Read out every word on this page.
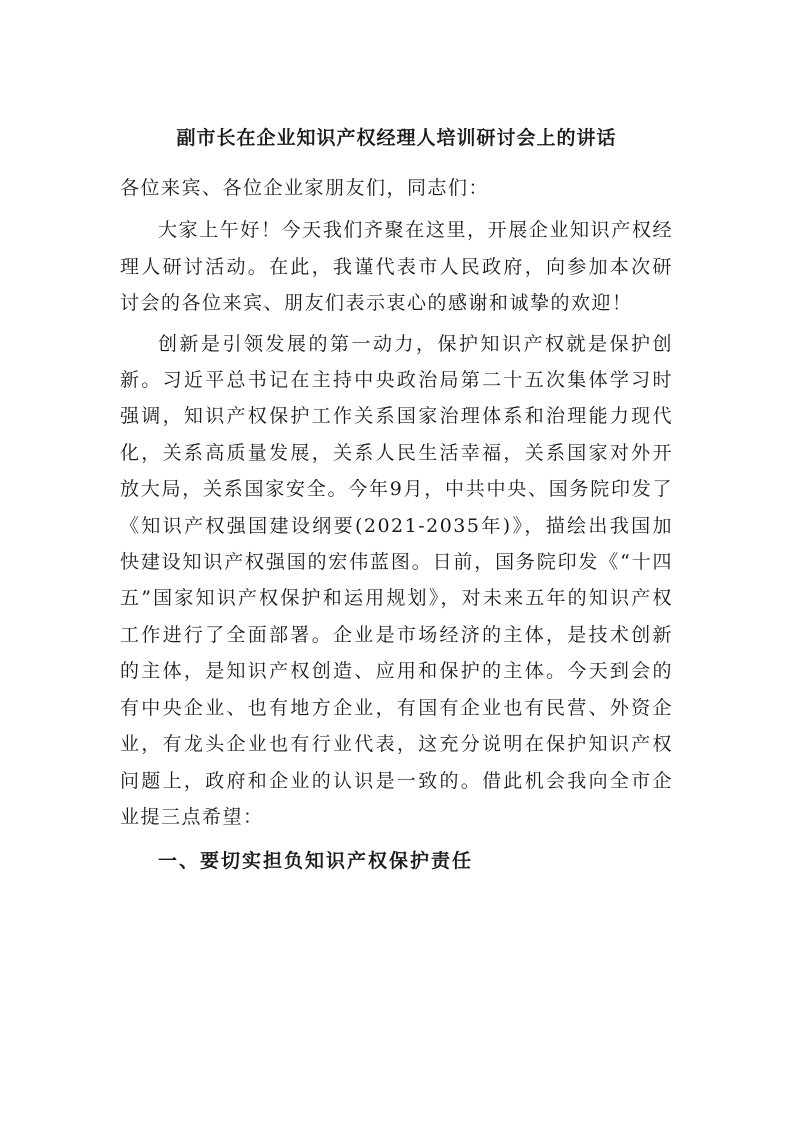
副市长在企业知识产权经理人培训研讨会上的讲话

各位来宾、各位企业家朋友们，同志们：

大家上午好！今天我们齐聚在这里，开展企业知识产权经理人研讨活动。在此，我谨代表市人民政府，向参加本次研讨会的各位来宾、朋友们表示衷心的感谢和诚挚的欢迎！

创新是引领发展的第一动力，保护知识产权就是保护创新。习近平总书记在主持中央政治局第二十五次集体学习时强调，知识产权保护工作关系国家治理体系和治理能力现代化，关系高质量发展，关系人民生活幸福，关系国家对外开放大局，关系国家安全。今年9月，中共中央、国务院印发了《知识产权强国建设纲要(2021-2035年)》，描绘出我国加快建设知识产权强国的宏伟蓝图。日前，国务院印发《“十四五”国家知识产权保护和运用规划》，对未来五年的知识产权工作进行了全面部署。企业是市场经济的主体，是技术创新的主体，是知识产权创造、应用和保护的主体。今天到会的有中央企业、也有地方企业，有国有企业也有民营、外资企业，有龙头企业也有行业代表，这充分说明在保护知识产权问题上，政府和企业的认识是一致的。借此机会我向全市企业提三点希望：

一、要切实担负知识产权保护责任
